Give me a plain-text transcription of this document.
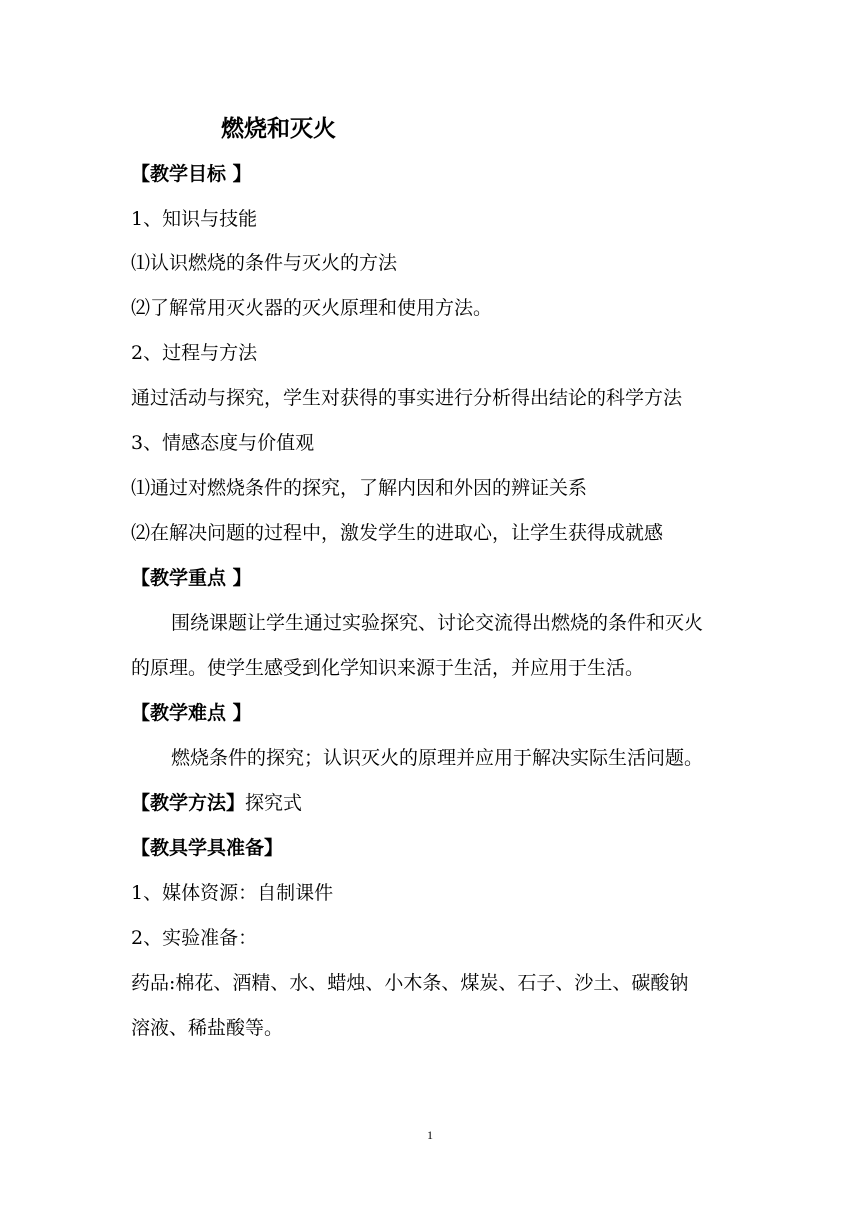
燃烧和灭火
【教学目标 】
1、知识与技能
⑴认识燃烧的条件与灭火的方法
⑵了解常用灭火器的灭火原理和使用方法。
2、过程与方法
通过活动与探究，学生对获得的事实进行分析得出结论的科学方法
3、情感态度与价值观
⑴通过对燃烧条件的探究，了解内因和外因的辨证关系
⑵在解决问题的过程中，激发学生的进取心，让学生获得成就感
【教学重点 】
围绕课题让学生通过实验探究、讨论交流得出燃烧的条件和灭火
的原理。使学生感受到化学知识来源于生活，并应用于生活。
【教学难点 】
燃烧条件的探究；认识灭火的原理并应用于解决实际生活问题。
【教学方法】探究式
【教具学具准备】
1、媒体资源：自制课件
2、实验准备：
药品:棉花、酒精、水、蜡烛、小木条、煤炭、石子、沙土、碳酸钠
溶液、稀盐酸等。
1
